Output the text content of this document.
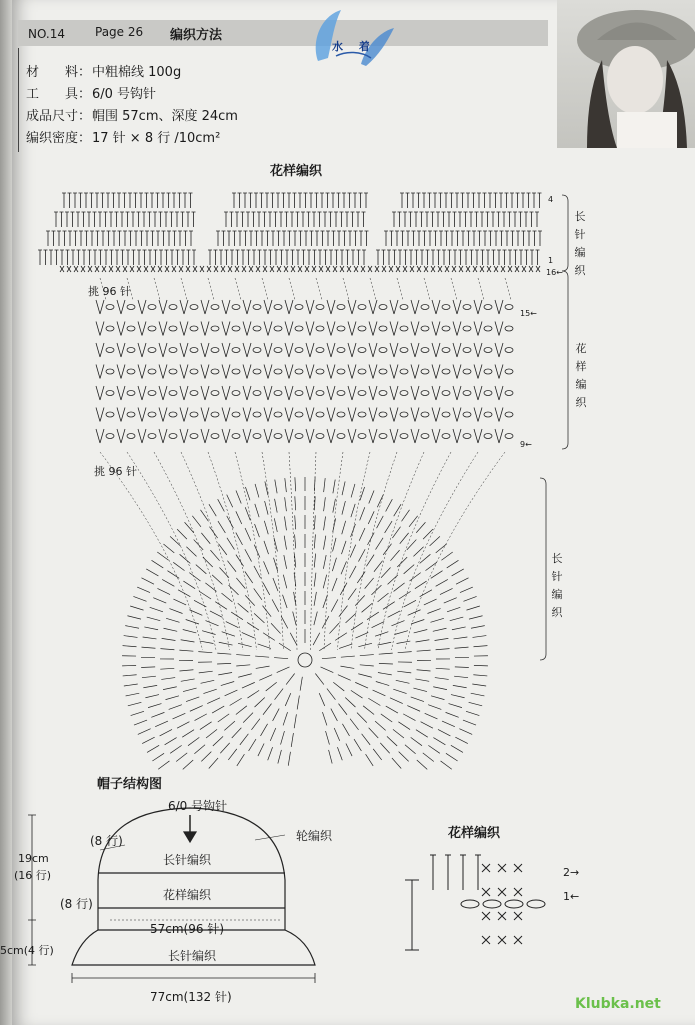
NO.14 Page 26 编织方法
水 着
材　　料：中粗棉线 100g
工　　具：6/0 号钩针
成品尺寸：帽围 57cm、深度 24cm
编织密度：17 针 × 8 行 /10cm²
花样编织
挑 96 针
挑 96 针
4
1
16←
15←
9←
长针编织
花样编织
长针编织
帽子结构图
6/0 号钩针
轮编织
(8 行)
(8 行)
19cm
(16 行)
5cm(4 行)
长针编织
花样编织
57cm(96 针)
长针编织
77cm(132 针)
花样编织
2→
1←
Klubka.net
